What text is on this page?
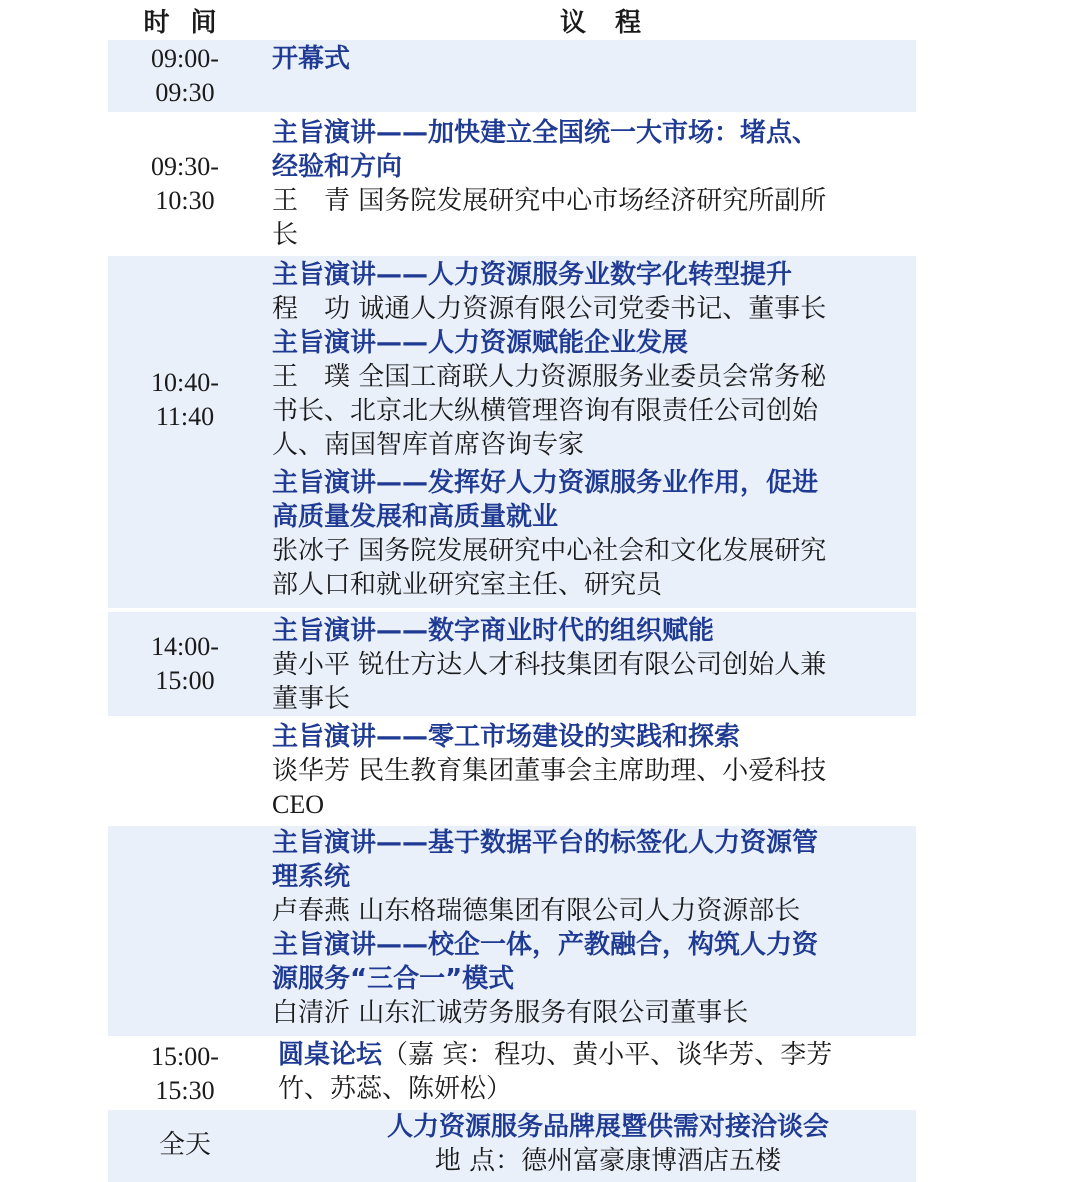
时 间	议 程
09:00-
09:30
开幕式
09:30-
10:30
主旨演讲——加快建立全国统一大市场：堵点、
经验和方向
王　青 国务院发展研究中心市场经济研究所副所
长
10:40-
11:40
主旨演讲——人力资源服务业数字化转型提升
程　功 诚通人力资源有限公司党委书记、董事长
主旨演讲——人力资源赋能企业发展
王　璞 全国工商联人力资源服务业委员会常务秘
书长、北京北大纵横管理咨询有限责任公司创始
人、南国智库首席咨询专家
主旨演讲——发挥好人力资源服务业作用，促进
高质量发展和高质量就业
张冰子 国务院发展研究中心社会和文化发展研究
部人口和就业研究室主任、研究员
14:00-
15:00
主旨演讲——数字商业时代的组织赋能
黄小平 锐仕方达人才科技集团有限公司创始人兼
董事长
主旨演讲——零工市场建设的实践和探索
谈华芳 民生教育集团董事会主席助理、小爱科技
CEO
主旨演讲——基于数据平台的标签化人力资源管
理系统
卢春燕 山东格瑞德集团有限公司人力资源部长
主旨演讲——校企一体，产教融合，构筑人力资
源服务“三合一”模式
白清沂 山东汇诚劳务服务有限公司董事长
15:00-
15:30
圆桌论坛（嘉 宾：程功、黄小平、谈华芳、李芳
竹、苏蕊、陈妍松）
全天
人力资源服务品牌展暨供需对接洽谈会
地 点：德州富豪康博酒店五楼
